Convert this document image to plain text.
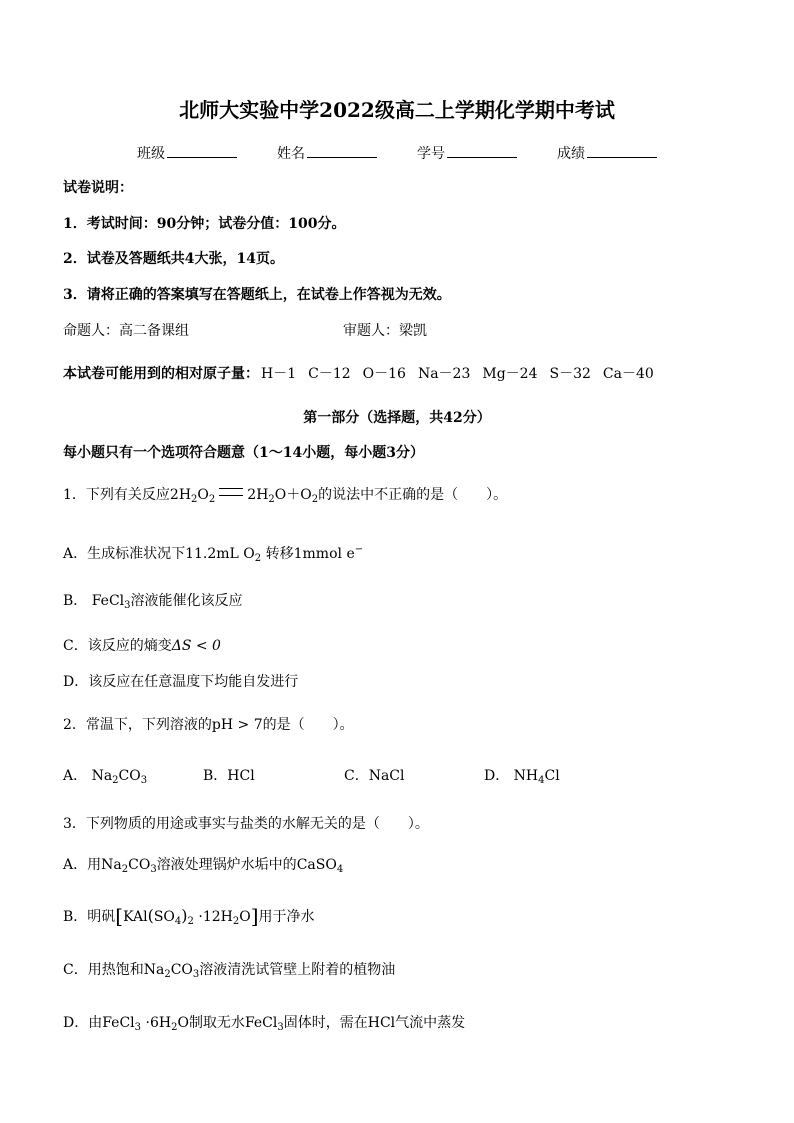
北师大实验中学2022级高二上学期化学期中考试
班级	姓名	学号	成绩
试卷说明：
1．考试时间：90分钟；试卷分值：100分。
2．试卷及答题纸共4大张，14页。
3．请将正确的答案填写在答题纸上，在试卷上作答视为无效。
命题人：高二备课组	审题人：梁凯
本试卷可能用到的相对原子量： H－1 C－12 O－16 Na－23 Mg－24 S－32 Ca－40
第一部分（选择题，共42分）
每小题只有一个选项符合题意（1～14小题，每小题3分）
1．下列有关反应$2H_2O_2$ $2H_2O+O_2$的说法中不正确的是（　　）。
A．生成标准状况下11.2mL $O_2$ 转移1mmol e−
B． FeCl$_3$溶液能催化该反应
C．该反应的熵变ΔS < 0
D．该反应在任意温度下均能自发进行
2．常温下，下列溶液的pH > 7的是（　　）。
A． $Na_2CO_3$	B．HCl	C．NaCl	D． $NH_4Cl$
3．下列物质的用途或事实与盐类的水解无关的是（　　）。
A．用$Na_2CO_3$溶液处理锅炉水垢中的CaSO$_4$
B．明矾$[KAl(SO_4)_2 \cdot 12H_2O]$用于净水
C．用热饱和$Na_2CO_3$溶液清洗试管壁上附着的植物油
D．由FeCl$_3$ $\cdot 6H_2O$制取无水FeCl$_3$固体时，需在HCl气流中蒸发
